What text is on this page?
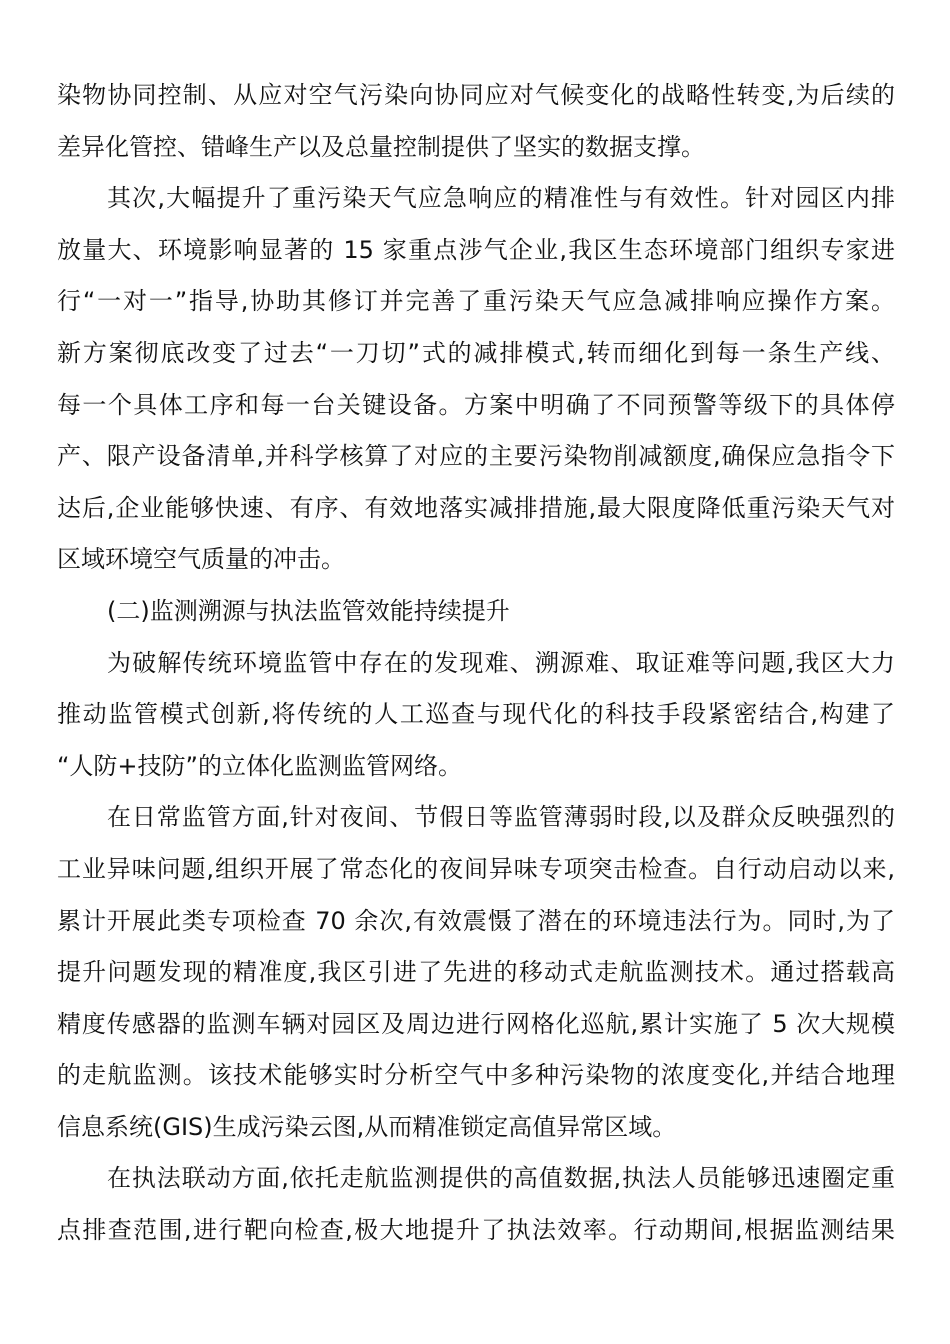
染物协同控制、从应对空气污染向协同应对气候变化的战略性转变,为后续的
差异化管控、错峰生产以及总量控制提供了坚实的数据支撑。
其次,大幅提升了重污染天气应急响应的精准性与有效性。针对园区内排
放量大、环境影响显著的 15 家重点涉气企业,我区生态环境部门组织专家进
行“一对一”指导,协助其修订并完善了重污染天气应急减排响应操作方案。
新方案彻底改变了过去“一刀切”式的减排模式,转而细化到每一条生产线、
每一个具体工序和每一台关键设备。方案中明确了不同预警等级下的具体停
产、限产设备清单,并科学核算了对应的主要污染物削减额度,确保应急指令下
达后,企业能够快速、有序、有效地落实减排措施,最大限度降低重污染天气对
区域环境空气质量的冲击。
(二)监测溯源与执法监管效能持续提升
为破解传统环境监管中存在的发现难、溯源难、取证难等问题,我区大力
推动监管模式创新,将传统的人工巡查与现代化的科技手段紧密结合,构建了
“人防+技防”的立体化监测监管网络。
在日常监管方面,针对夜间、节假日等监管薄弱时段,以及群众反映强烈的
工业异味问题,组织开展了常态化的夜间异味专项突击检查。自行动启动以来,
累计开展此类专项检查 70 余次,有效震慑了潜在的环境违法行为。同时,为了
提升问题发现的精准度,我区引进了先进的移动式走航监测技术。通过搭载高
精度传感器的监测车辆对园区及周边进行网格化巡航,累计实施了 5 次大规模
的走航监测。该技术能够实时分析空气中多种污染物的浓度变化,并结合地理
信息系统(GIS)生成污染云图,从而精准锁定高值异常区域。
在执法联动方面,依托走航监测提供的高值数据,执法人员能够迅速圈定重
点排查范围,进行靶向检查,极大地提升了执法效率。行动期间,根据监测结果
